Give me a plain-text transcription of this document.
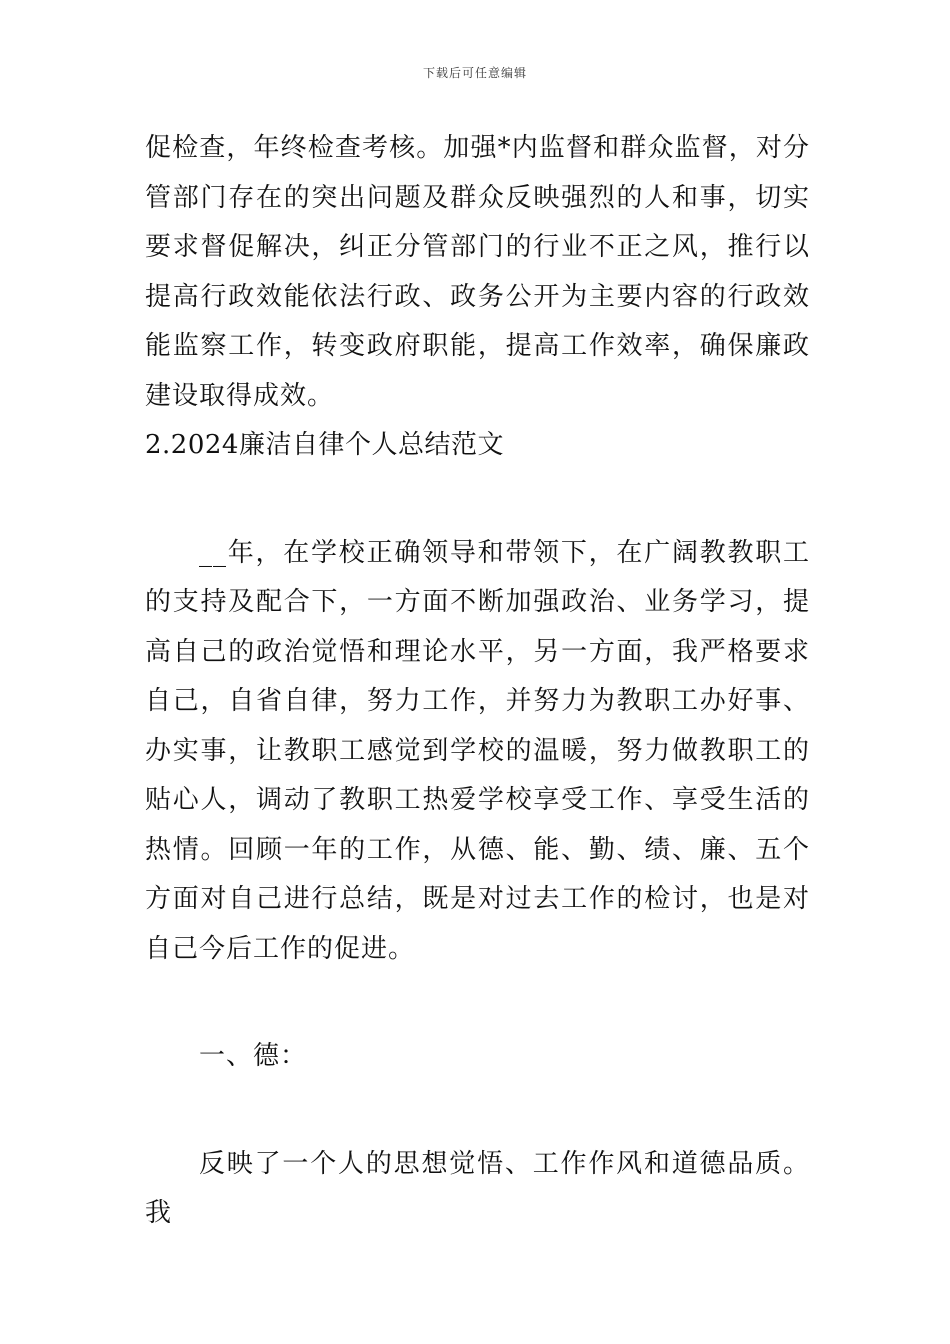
下载后可任意编辑

促检查，年终检查考核。加强*内监督和群众监督，对分管部门存在的突出问题及群众反映强烈的人和事，切实要求督促解决，纠正分管部门的行业不正之风，推行以提高行政效能依法行政、政务公开为主要内容的行政效能监察工作，转变政府职能，提高工作效率，确保廉政建设取得成效。

2.2024廉洁自律个人总结范文

__年，在学校正确领导和带领下，在广阔教教职工的支持及配合下，一方面不断加强政治、业务学习，提高自己的政治觉悟和理论水平，另一方面，我严格要求自己，自省自律，努力工作，并努力为教职工办好事、办实事，让教职工感觉到学校的温暖，努力做教职工的贴心人，调动了教职工热爱学校享受工作、享受生活的热情。回顾一年的工作，从德、能、勤、绩、廉、五个方面对自己进行总结，既是对过去工作的检讨，也是对自己今后工作的促进。

一、德：

反映了一个人的思想觉悟、工作作风和道德品质。我
